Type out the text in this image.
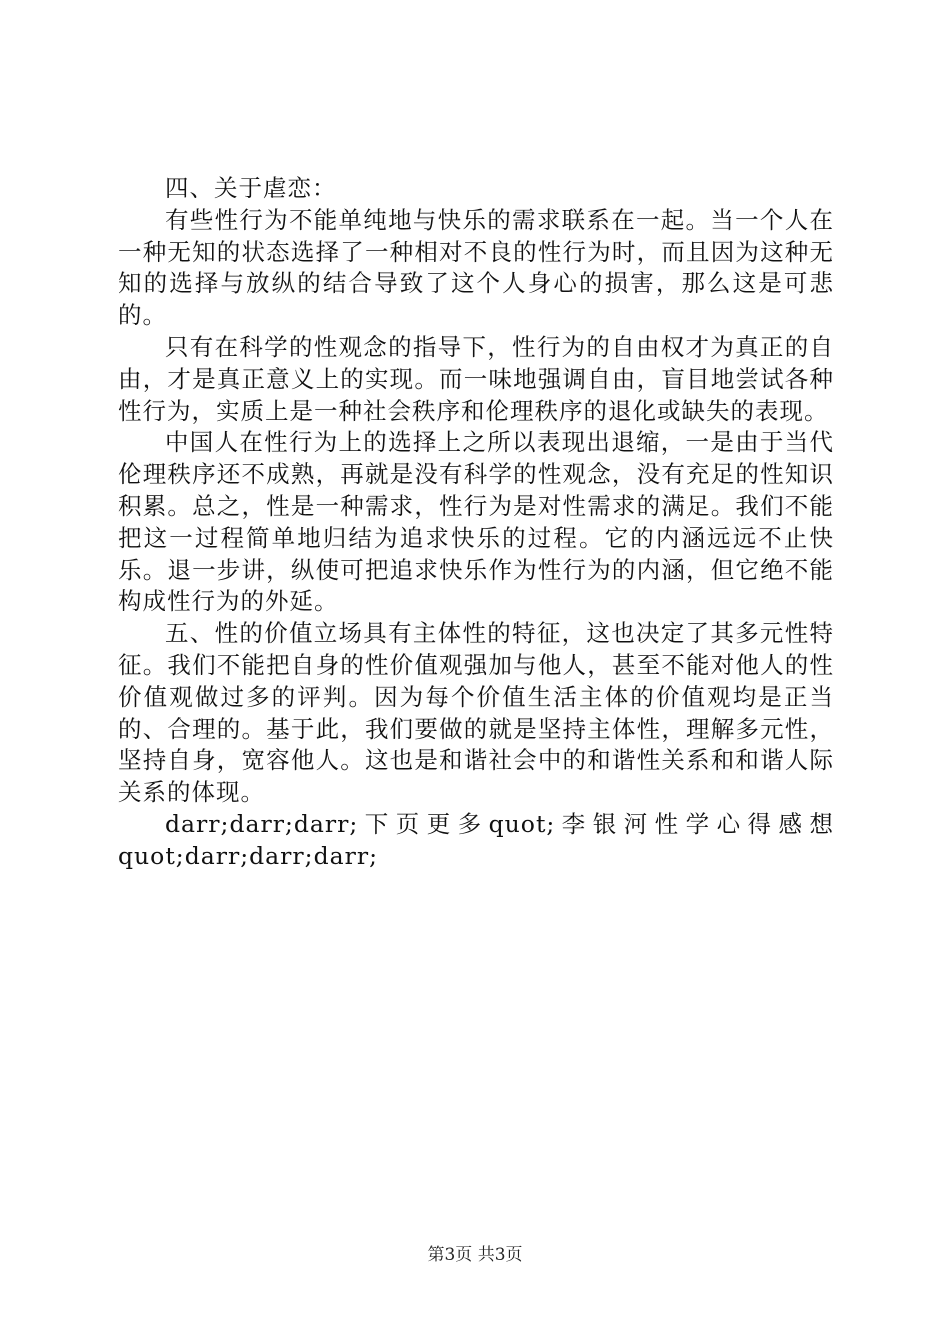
四、关于虐恋：

有些性行为不能单纯地与快乐的需求联系在一起。当一个人在一种无知的状态选择了一种相对不良的性行为时，而且因为这种无知的选择与放纵的结合导致了这个人身心的损害，那么这是可悲的。

只有在科学的性观念的指导下，性行为的自由权才为真正的自由，才是真正意义上的实现。而一味地强调自由，盲目地尝试各种性行为，实质上是一种社会秩序和伦理秩序的退化或缺失的表现。

中国人在性行为上的选择上之所以表现出退缩，一是由于当代伦理秩序还不成熟，再就是没有科学的性观念，没有充足的性知识积累。总之，性是一种需求，性行为是对性需求的满足。我们不能把这一过程简单地归结为追求快乐的过程。它的内涵远远不止快乐。退一步讲，纵使可把追求快乐作为性行为的内涵，但它绝不能构成性行为的外延。

五、性的价值立场具有主体性的特征，这也决定了其多元性特征。我们不能把自身的性价值观强加与他人，甚至不能对他人的性价值观做过多的评判。因为每个价值生活主体的价值观均是正当的、合理的。基于此，我们要做的就是坚持主体性，理解多元性，坚持自身，宽容他人。这也是和谐社会中的和谐性关系和和谐人际关系的体现。

darr;darr;darr;下页更多quot;李银河性学心得感想

quot;darr;darr;darr;

第3页 共3页
